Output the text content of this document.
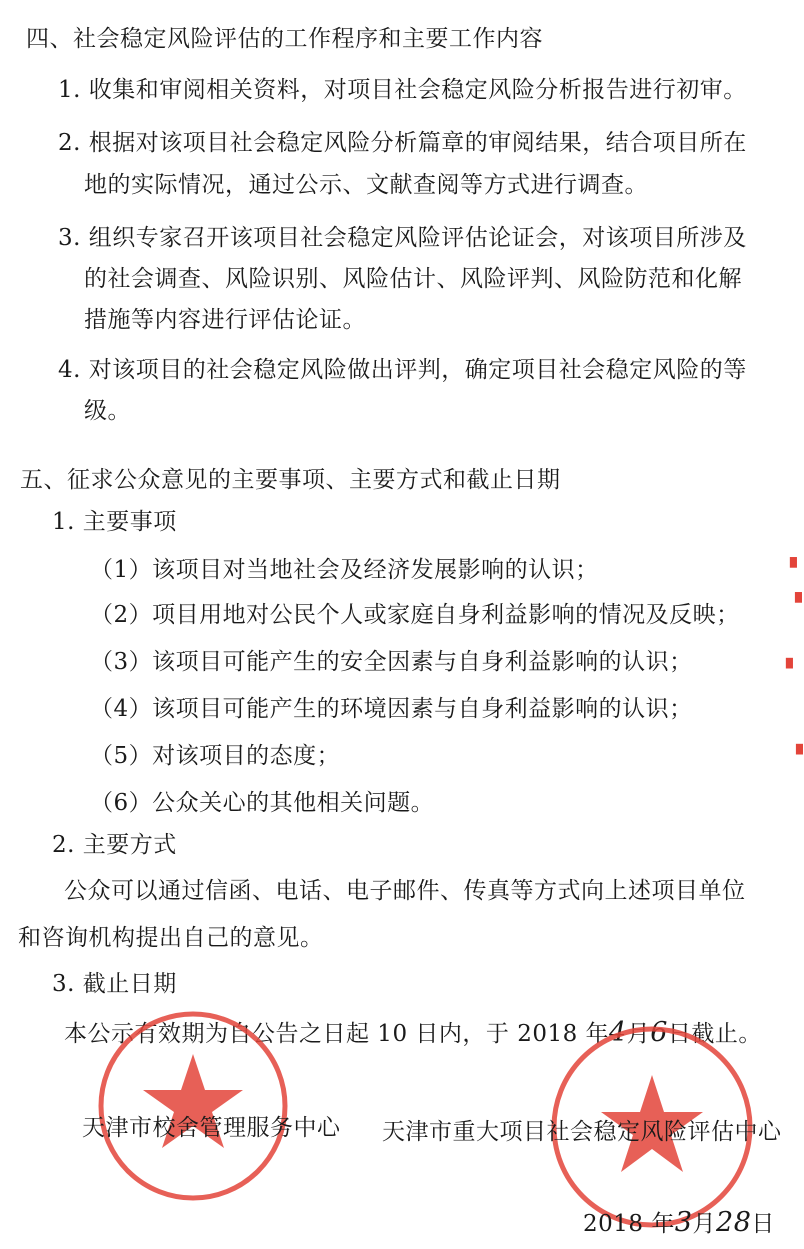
四、社会稳定风险评估的工作程序和主要工作内容
1. 收集和审阅相关资料，对项目社会稳定风险分析报告进行初审。
2. 根据对该项目社会稳定风险分析篇章的审阅结果，结合项目所在
地的实际情况，通过公示、文献查阅等方式进行调查。
3. 组织专家召开该项目社会稳定风险评估论证会，对该项目所涉及
的社会调查、风险识别、风险估计、风险评判、风险防范和化解
措施等内容进行评估论证。
4. 对该项目的社会稳定风险做出评判，确定项目社会稳定风险的等
级。
五、征求公众意见的主要事项、主要方式和截止日期
1. 主要事项
（1）该项目对当地社会及经济发展影响的认识；
（2）项目用地对公民个人或家庭自身利益影响的情况及反映；
（3）该项目可能产生的安全因素与自身利益影响的认识；
（4）该项目可能产生的环境因素与自身利益影响的认识；
（5）对该项目的态度；
（6）公众关心的其他相关问题。
2. 主要方式
公众可以通过信函、电话、电子邮件、传真等方式向上述项目单位
和咨询机构提出自己的意见。
3. 截止日期
本公示有效期为自公告之日起 10 日内，于 2018 年4月6日截止。
天津市校舍管理服务中心 天津市重大项目社会稳定风险评估中心
2018 年3月28日
▘
▝
▖
▗
